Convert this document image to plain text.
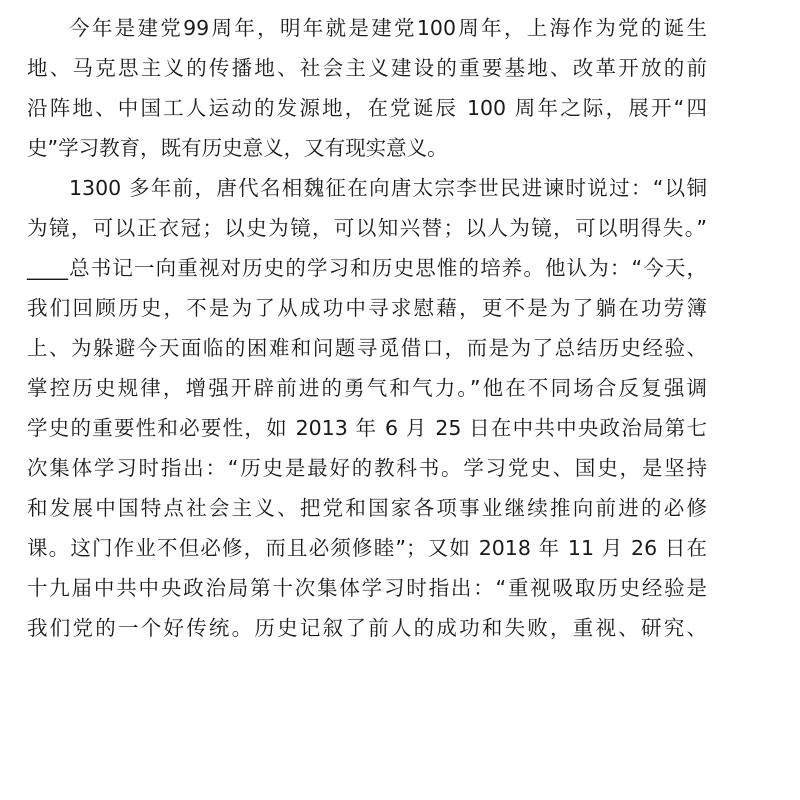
今年是建党99周年，明年就是建党100周年，上海作为党的诞生
地、马克思主义的传播地、社会主义建设的重要基地、改革开放的前
沿阵地、中国工人运动的发源地，在党诞辰 100 周年之际，展开“四
史”学习教育，既有历史意义，又有现实意义。
1300 多年前，唐代名相魏征在向唐太宗李世民进谏时说过：“以铜
为镜，可以正衣冠；以史为镜，可以知兴替；以人为镜，可以明得失。”
____总书记一向重视对历史的学习和历史思惟的培养。他认为：“今天，
我们回顾历史，不是为了从成功中寻求慰藉，更不是为了躺在功劳簿
上、为躲避今天面临的困难和问题寻觅借口，而是为了总结历史经验、
掌控历史规律，增强开辟前进的勇气和气力。”他在不同场合反复强调
学史的重要性和必要性，如 2013 年 6 月 25 日在中共中央政治局第七
次集体学习时指出：“历史是最好的教科书。学习党史、国史，是坚持
和发展中国特点社会主义、把党和国家各项事业继续推向前进的必修
课。这门作业不但必修，而且必须修睦”；又如 2018 年 11 月 26 日在
十九届中共中央政治局第十次集体学习时指出：“重视吸取历史经验是
我们党的一个好传统。历史记叙了前人的成功和失败，重视、研究、
